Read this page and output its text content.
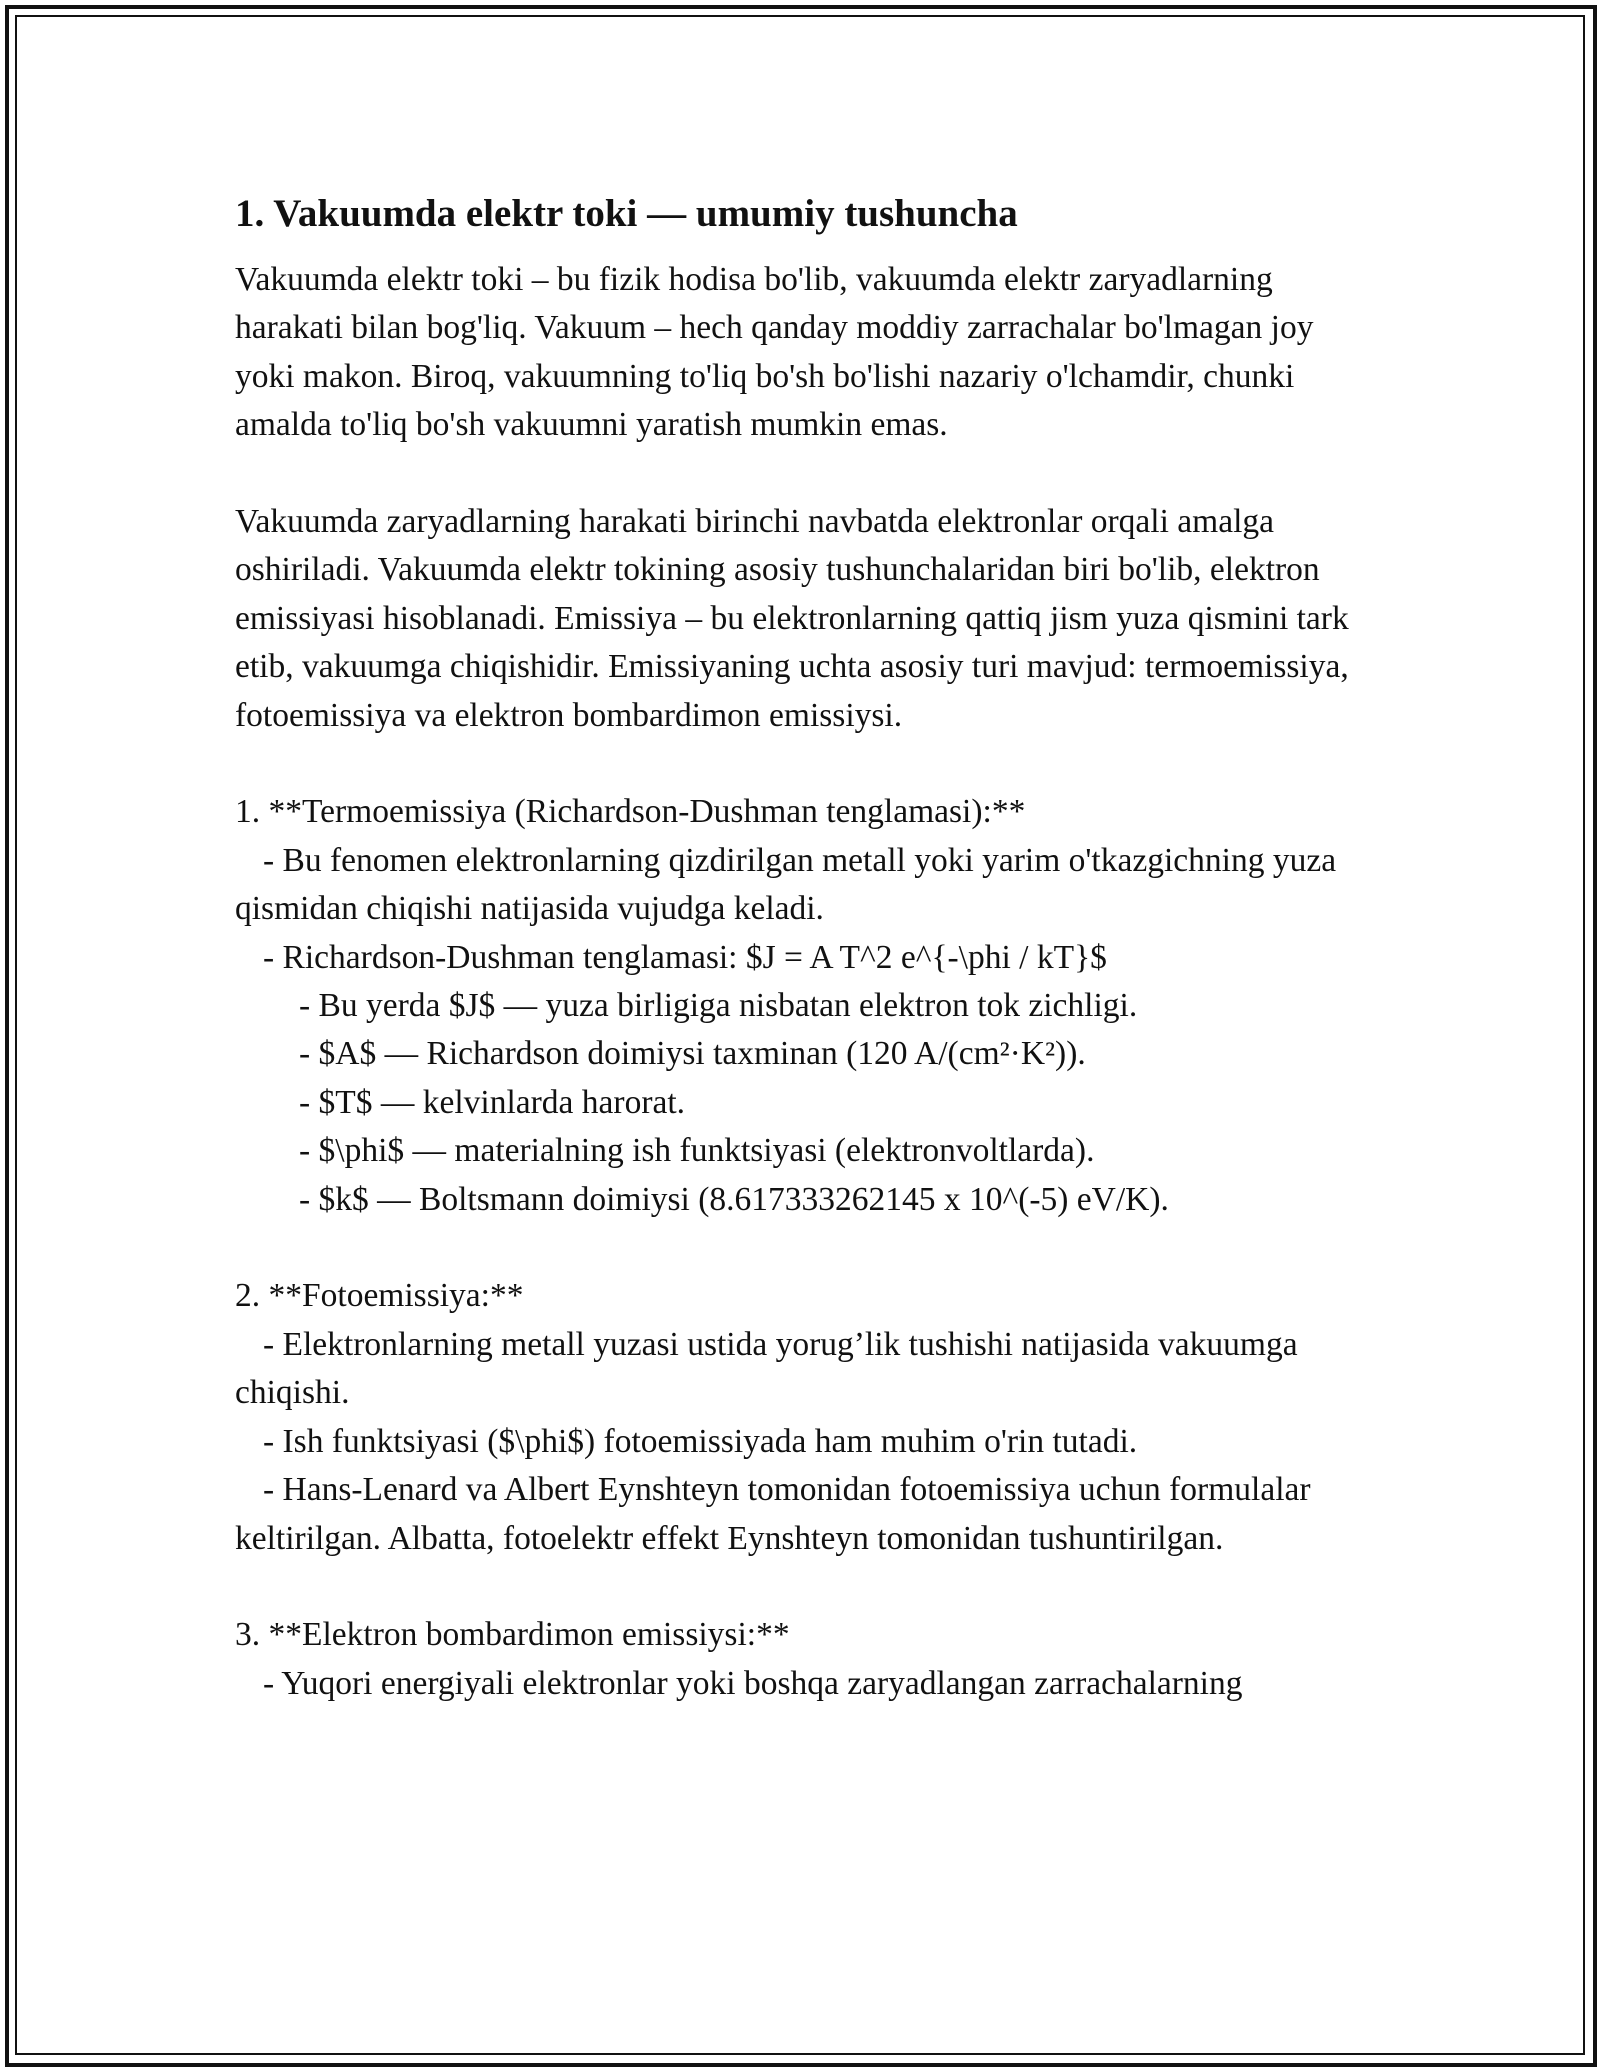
1. Vakuumda elektr toki — umumiy tushuncha

Vakuumda elektr toki – bu fizik hodisa bo'lib, vakuumda elektr zaryadlarning harakati bilan bog'liq. Vakuum – hech qanday moddiy zarrachalar bo'lmagan joy yoki makon. Biroq, vakuumning to'liq bo'sh bo'lishi nazariy o'lchamdir, chunki amalda to'liq bo'sh vakuumni yaratish mumkin emas.

Vakuumda zaryadlarning harakati birinchi navbatda elektronlar orqali amalga oshiriladi. Vakuumda elektr tokining asosiy tushunchalaridan biri bo'lib, elektron emissiyasi hisoblanadi. Emissiya – bu elektronlarning qattiq jism yuza qismini tark etib, vakuumga chiqishidir. Emissiyaning uchta asosiy turi mavjud: termoemissiya, fotoemissiya va elektron bombardimon emissiysi.

1. **Termoemissiya (Richardson-Dushman tenglamasi):**

- Bu fenomen elektronlarning qizdirilgan metall yoki yarim o'tkazgichning yuza qismidan chiqishi natijasida vujudga keladi.

- Richardson-Dushman tenglamasi: $J = A T^2 e^{-\phi / kT}$

- Bu yerda $J$ — yuza birligiga nisbatan elektron tok zichligi.

- $A$ — Richardson doimiysi taxminan (120 A/(cm²·K²)).

- $T$ — kelvinlarda harorat.

- $\phi$ — materialning ish funktsiyasi (elektronvoltlarda).

- $k$ — Boltsmann doimiysi (8.617333262145 x 10^(-5) eV/K).

2. **Fotoemissiya:**

- Elektronlarning metall yuzasi ustida yorug’lik tushishi natijasida vakuumga chiqishi.

- Ish funktsiyasi ($\phi$) fotoemissiyada ham muhim o'rin tutadi.

- Hans-Lenard va Albert Eynshteyn tomonidan fotoemissiya uchun formulalar keltirilgan. Albatta, fotoelektr effekt Eynshteyn tomonidan tushuntirilgan.

3. **Elektron bombardimon emissiysi:**

- Yuqori energiyali elektronlar yoki boshqa zaryadlangan zarrachalarning
